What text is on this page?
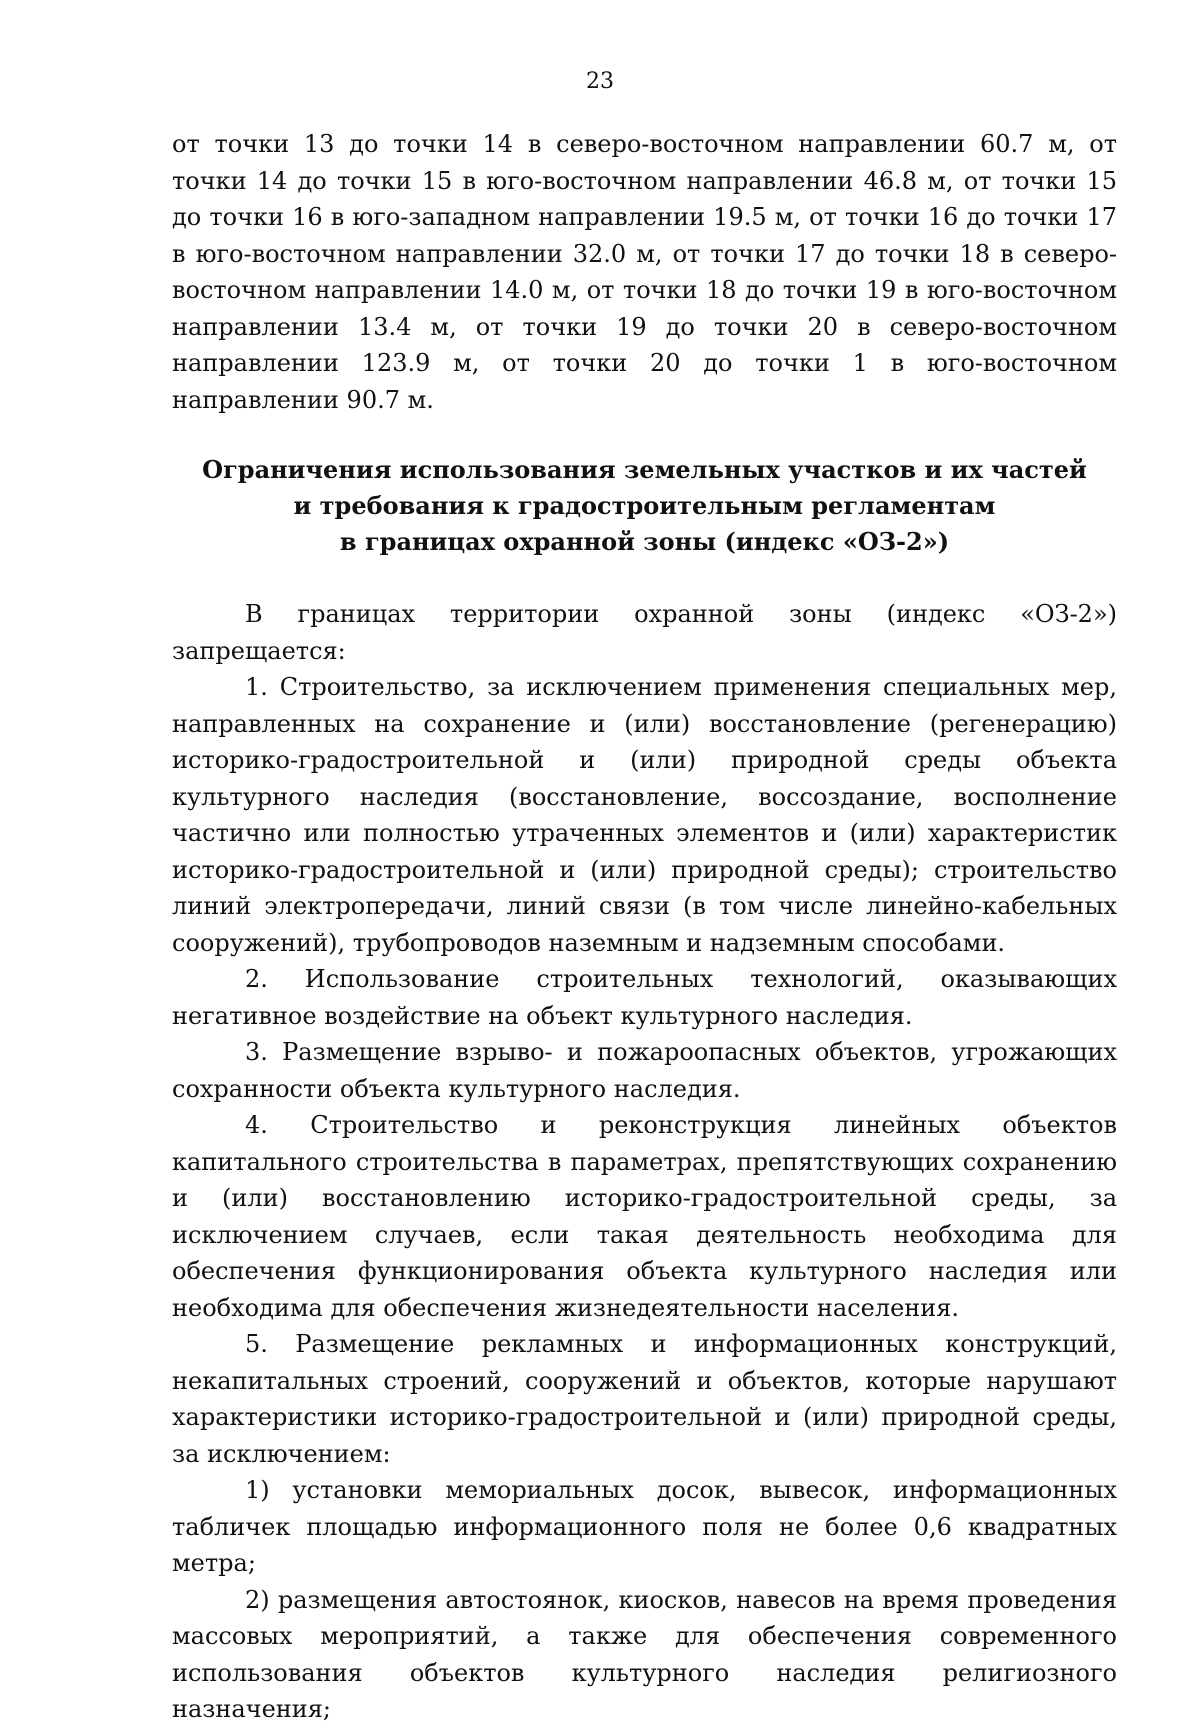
23

от точки 13 до точки 14 в северо-восточном направлении 60.7 м, от точки 14 до точки 15 в юго-восточном направлении 46.8 м, от точки 15 до точки 16 в юго-западном направлении 19.5 м, от точки 16 до точки 17 в юго-восточном направлении 32.0 м, от точки 17 до точки 18 в северо-восточном направлении 14.0 м, от точки 18 до точки 19 в юго-восточном направлении 13.4 м, от точки 19 до точки 20 в северо-восточном направлении 123.9 м, от точки 20 до точки 1 в юго-восточном направлении 90.7 м.

Ограничения использования земельных участков и их частей
и требования к градостроительным регламентам
в границах охранной зоны (индекс «ОЗ-2»)

В границах территории охранной зоны (индекс «ОЗ-2») запрещается:

1. Строительство, за исключением применения специальных мер, направленных на сохранение и (или) восстановление (регенерацию) историко-градостроительной и (или) природной среды объекта культурного наследия (восстановление, воссоздание, восполнение частично или полностью утраченных элементов и (или) характеристик историко-градостроительной и (или) природной среды); строительство линий электропередачи, линий связи (в том числе линейно-кабельных сооружений), трубопроводов наземным и надземным способами.

2. Использование строительных технологий, оказывающих негативное воздействие на объект культурного наследия.

3. Размещение взрыво- и пожароопасных объектов, угрожающих сохранности объекта культурного наследия.

4. Строительство и реконструкция линейных объектов капитального строительства в параметрах, препятствующих сохранению и (или) восстановлению историко-градостроительной среды, за исключением случаев, если такая деятельность необходима для обеспечения функционирования объекта культурного наследия или необходима для обеспечения жизнедеятельности населения.

5. Размещение рекламных и информационных конструкций, некапитальных строений, сооружений и объектов, которые нарушают характеристики историко-градостроительной и (или) природной среды, за исключением:

1) установки мемориальных досок, вывесок, информационных табличек площадью информационного поля не более 0,6 квадратных метра;

2) размещения автостоянок, киосков, навесов на время проведения массовых мероприятий, а также для обеспечения современного использования объектов культурного наследия религиозного назначения;
